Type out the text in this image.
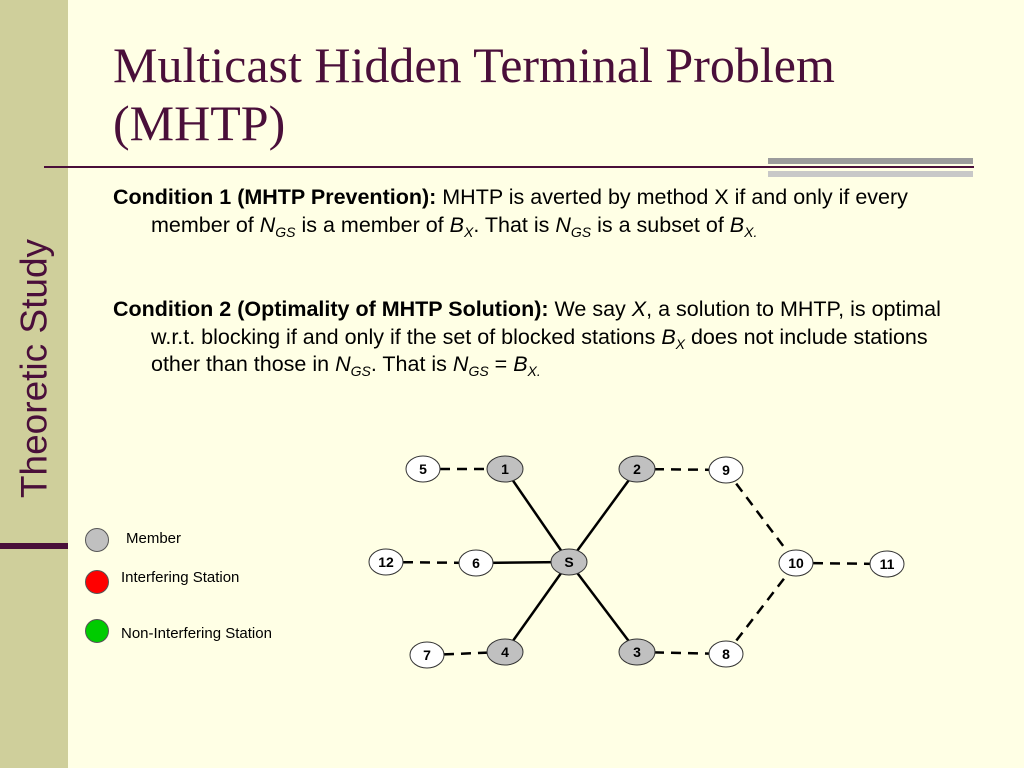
Theoretic Study
Multicast Hidden Terminal Problem
(MHTP)
Condition 1 (MHTP Prevention): MHTP is averted by method X if and only if every member of $N_{GS}$ is a member of $B_X$. That is $N_{GS}$ is a subset of $B_{X.}$
Condition 2 (Optimality of MHTP Solution): We say X, a solution to MHTP, is optimal w.r.t. blocking if and only if the set of blocked stations $B_X$ does not include stations other than those in $N_{GS}$. That is $N_{GS} = B_{X.}$
Member
Interfering Station
Non-Interfering Station
S
1	2
3
4
5
6
7	8
9
10	11
12
